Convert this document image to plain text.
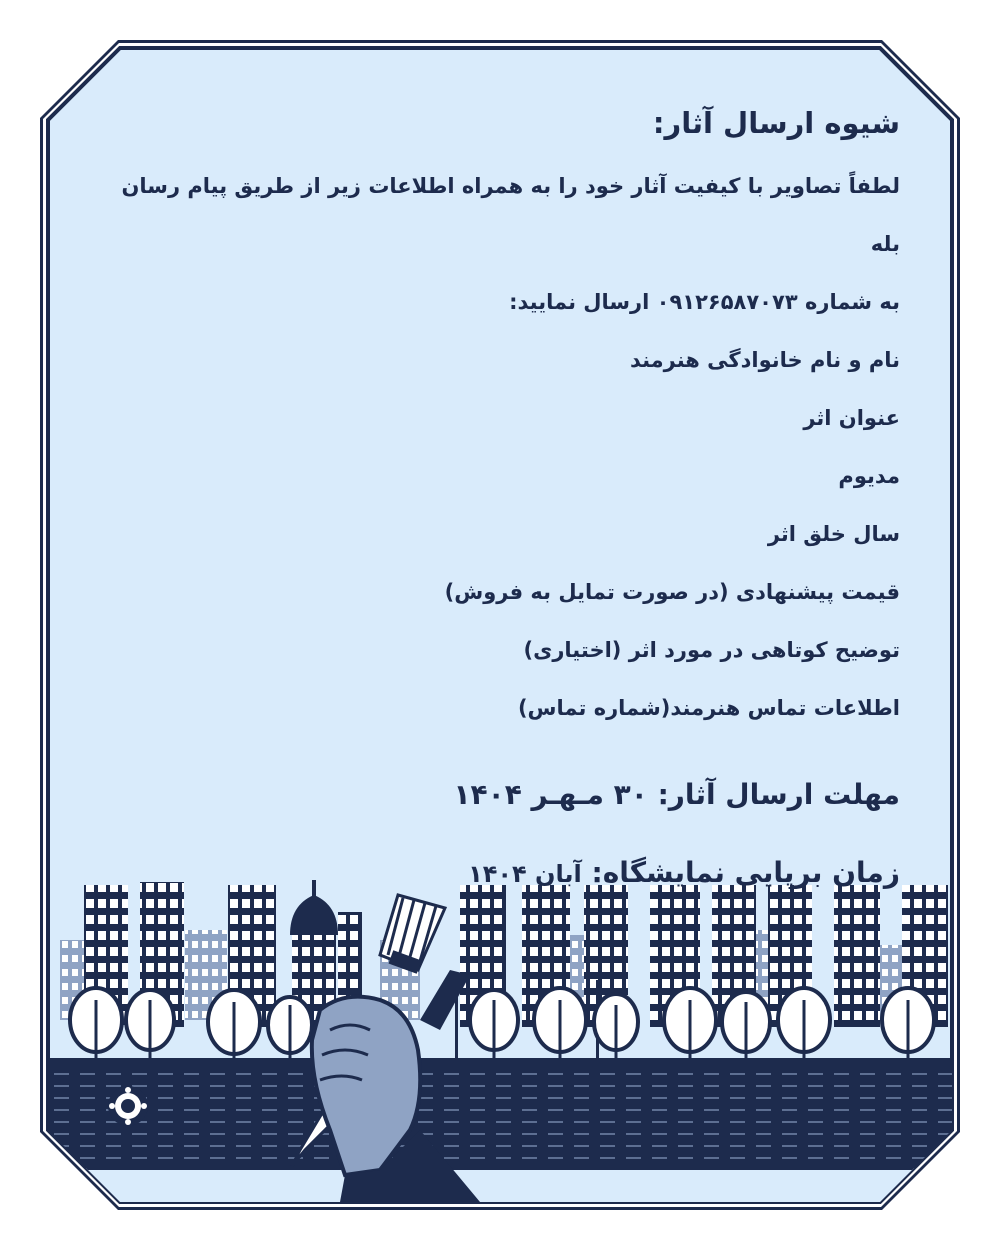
شیوه ارسال آثار:

لطفاً تصاویر با کیفیت آثار خود را به همراه اطلاعات زیر از طریق پیام رسان بله

به شماره ۰۹۱۲۶۵۸۷۰۷۳ ارسال نمایید:

نام و نام خانوادگی هنرمند

عنوان اثر

مدیوم

سال خلق اثر

قیمت پیشنهادی (در صورت تمایل به فروش)

توضیح کوتاهی در مورد اثر (اختیاری)

اطلاعات تماس هنرمند(شماره تماس)

مهلت ارسال آثار: ۳۰ مـهـر ۱۴۰۴
زمان برپایی نمایشگاه: آبان ۱۴۰۴
